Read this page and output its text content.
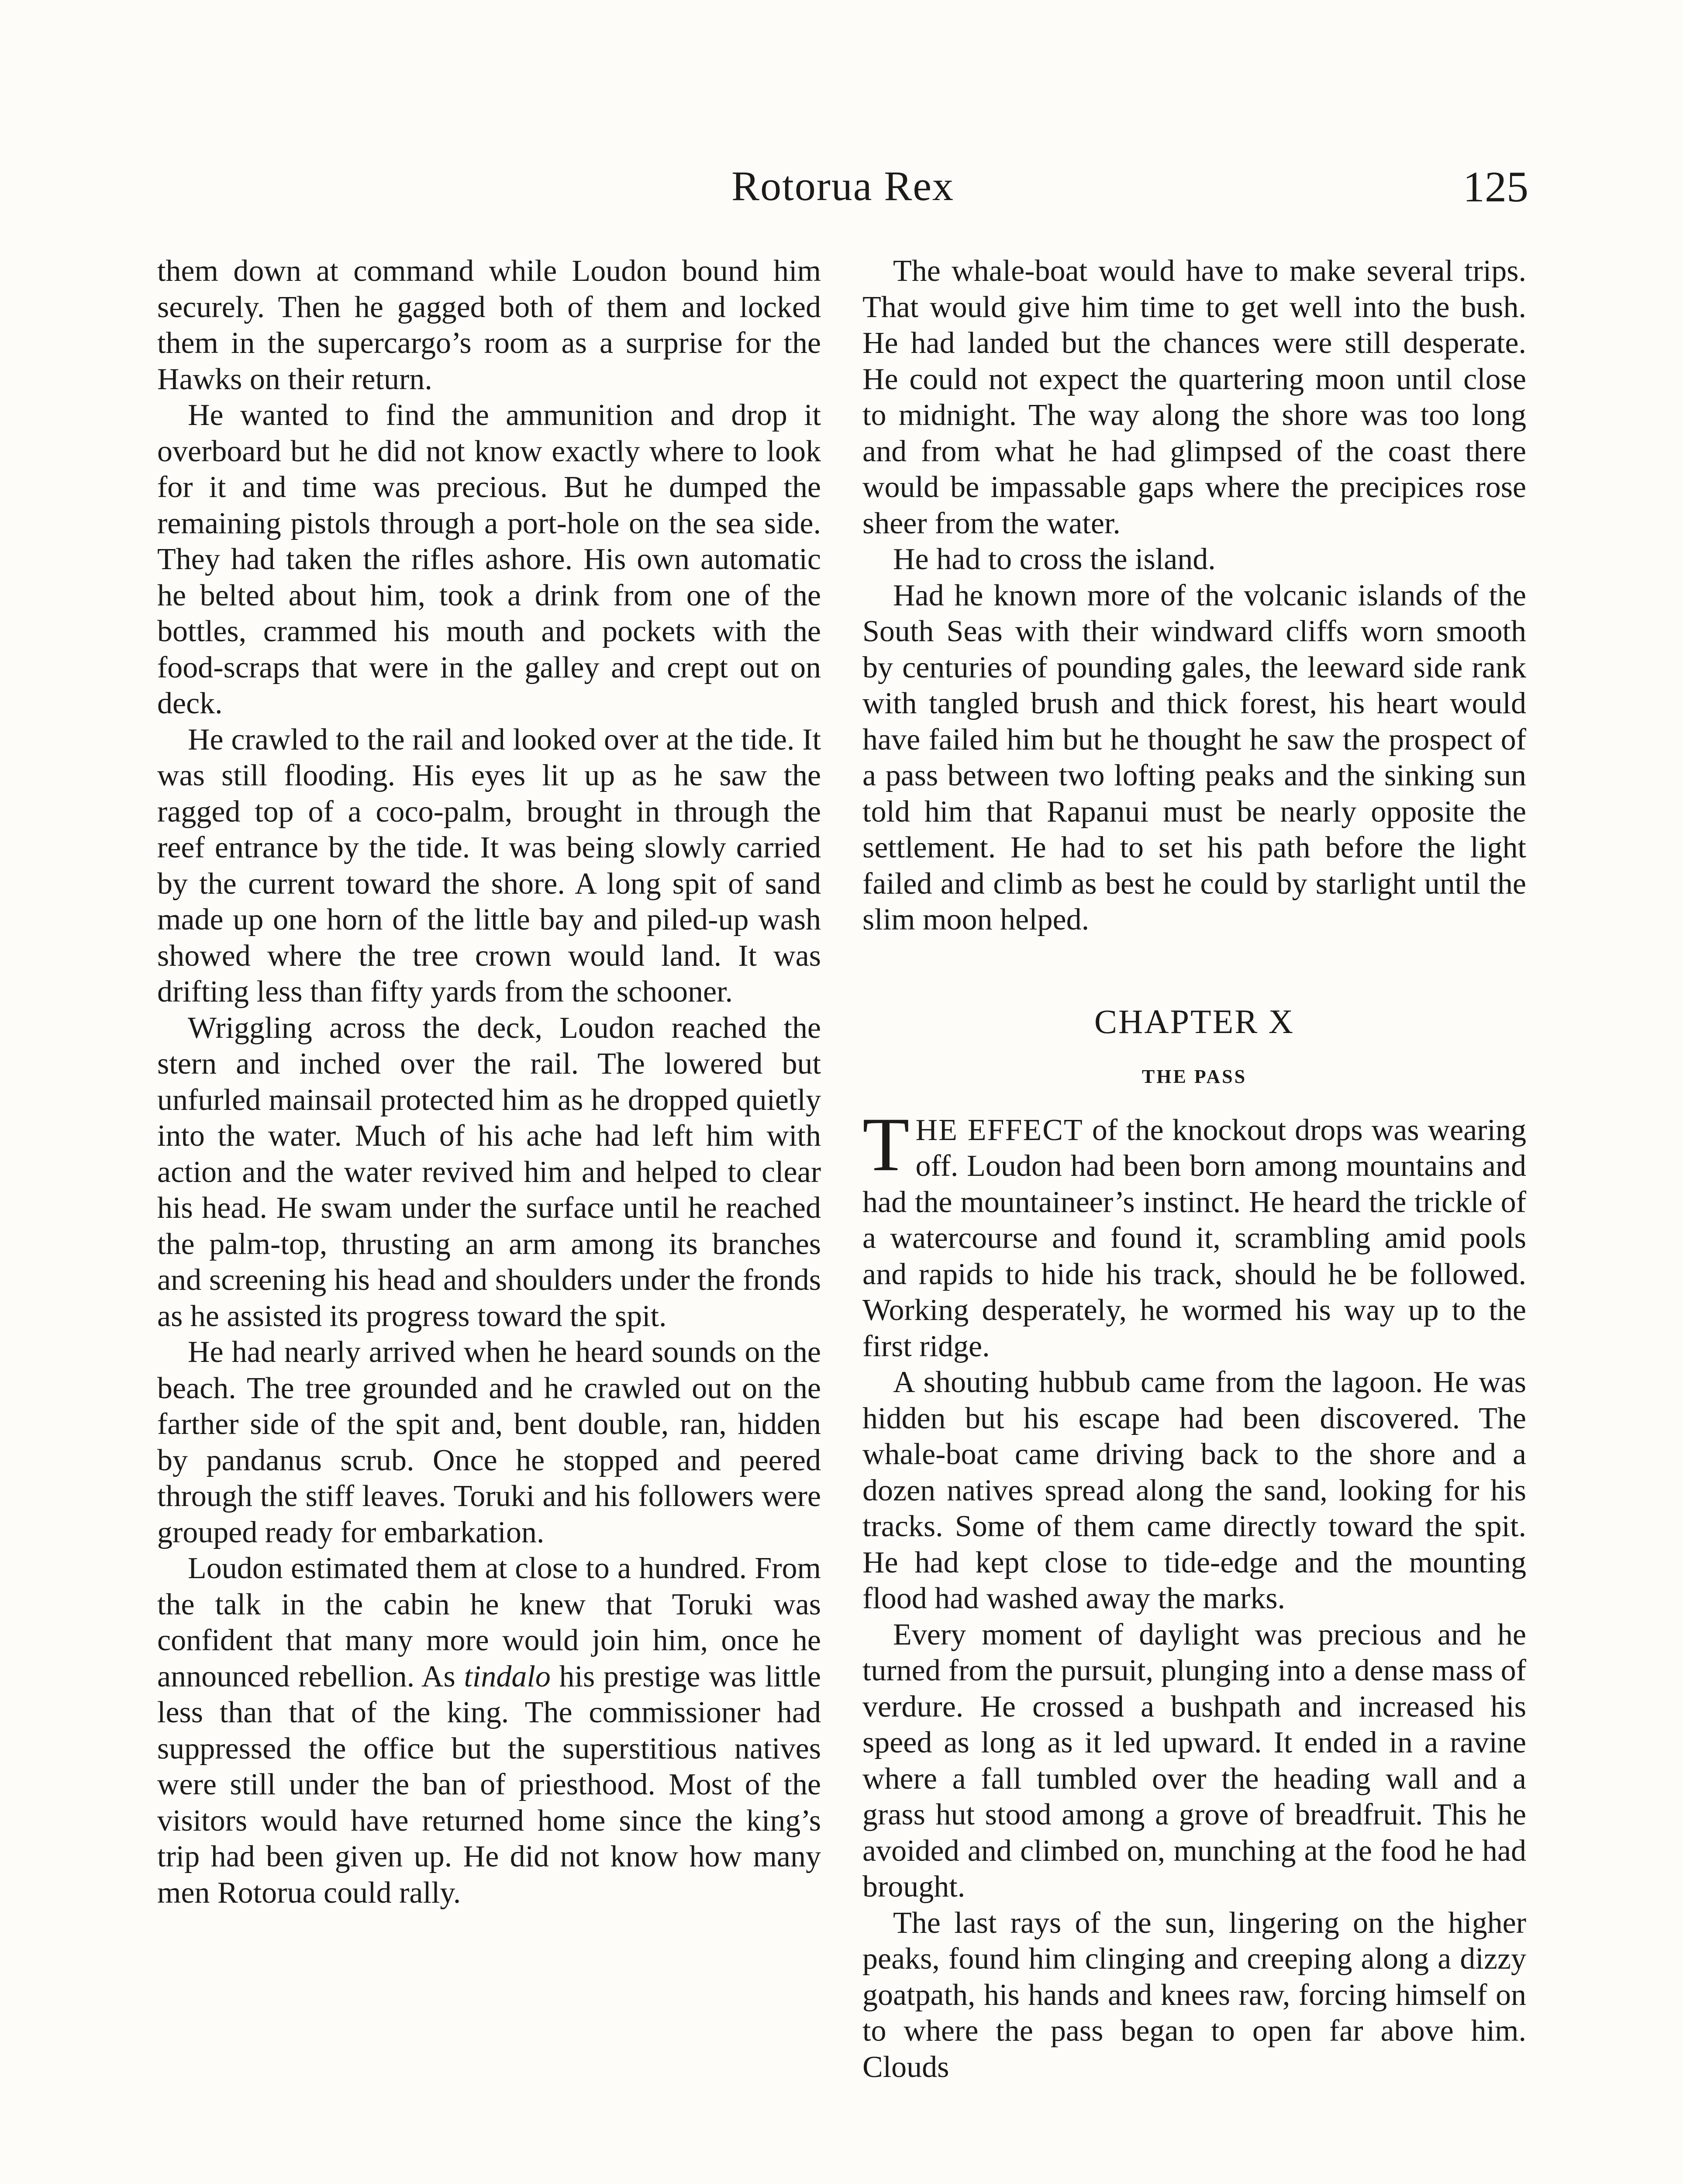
Rotorua Rex	125

them down at command while Loudon bound him securely. Then he gagged both of them and locked them in the supercargo’s room as a surprise for the Hawks on their return.

He wanted to find the ammunition and drop it overboard but he did not know exactly where to look for it and time was precious. But he dumped the remaining pistols through a port-hole on the sea side. They had taken the rifles ashore. His own automatic he belted about him, took a drink from one of the bottles, crammed his mouth and pockets with the food-scraps that were in the galley and crept out on deck.

He crawled to the rail and looked over at the tide. It was still flooding. His eyes lit up as he saw the ragged top of a coco-palm, brought in through the reef entrance by the tide. It was being slowly carried by the current toward the shore. A long spit of sand made up one horn of the little bay and piled-up wash showed where the tree crown would land. It was drifting less than fifty yards from the schooner.

Wriggling across the deck, Loudon reached the stern and inched over the rail. The lowered but unfurled mainsail protected him as he dropped quietly into the water. Much of his ache had left him with action and the water revived him and helped to clear his head. He swam under the surface until he reached the palm-top, thrusting an arm among its branches and screening his head and shoulders under the fronds as he assisted its progress toward the spit.

He had nearly arrived when he heard sounds on the beach. The tree grounded and he crawled out on the farther side of the spit and, bent double, ran, hidden by pandanus scrub. Once he stopped and peered through the stiff leaves. Toruki and his followers were grouped ready for embarkation.

Loudon estimated them at close to a hundred. From the talk in the cabin he knew that Toruki was confident that many more would join him, once he announced rebellion. As tindalo his prestige was little less than that of the king. The commissioner had suppressed the office but the superstitious natives were still under the ban of priesthood. Most of the visitors would have returned home since the king’s trip had been given up. He did not know how many men Rotorua could rally.

The whale-boat would have to make several trips. That would give him time to get well into the bush. He had landed but the chances were still desperate. He could not expect the quartering moon until close to midnight. The way along the shore was too long and from what he had glimpsed of the coast there would be impassable gaps where the precipices rose sheer from the water.

He had to cross the island.

Had he known more of the volcanic islands of the South Seas with their windward cliffs worn smooth by centuries of pounding gales, the leeward side rank with tangled brush and thick forest, his heart would have failed him but he thought he saw the prospect of a pass between two lofting peaks and the sinking sun told him that Rapanui must be nearly opposite the settlement. He had to set his path before the light failed and climb as best he could by starlight until the slim moon helped.

CHAPTER X
THE PASS

THE EFFECT of the knockout drops was wearing off. Loudon had been born among mountains and had the mountaineer’s instinct. He heard the trickle of a watercourse and found it, scrambling amid pools and rapids to hide his track, should he be followed. Working desperately, he wormed his way up to the first ridge.

A shouting hubbub came from the lagoon. He was hidden but his escape had been discovered. The whale-boat came driving back to the shore and a dozen natives spread along the sand, looking for his tracks. Some of them came directly toward the spit. He had kept close to tide-edge and the mounting flood had washed away the marks.

Every moment of daylight was precious and he turned from the pursuit, plunging into a dense mass of verdure. He crossed a bushpath and increased his speed as long as it led upward. It ended in a ravine where a fall tumbled over the heading wall and a grass hut stood among a grove of breadfruit. This he avoided and climbed on, munching at the food he had brought.

The last rays of the sun, lingering on the higher peaks, found him clinging and creeping along a dizzy goatpath, his hands and knees raw, forcing himself on to where the pass began to open far above him. Clouds
